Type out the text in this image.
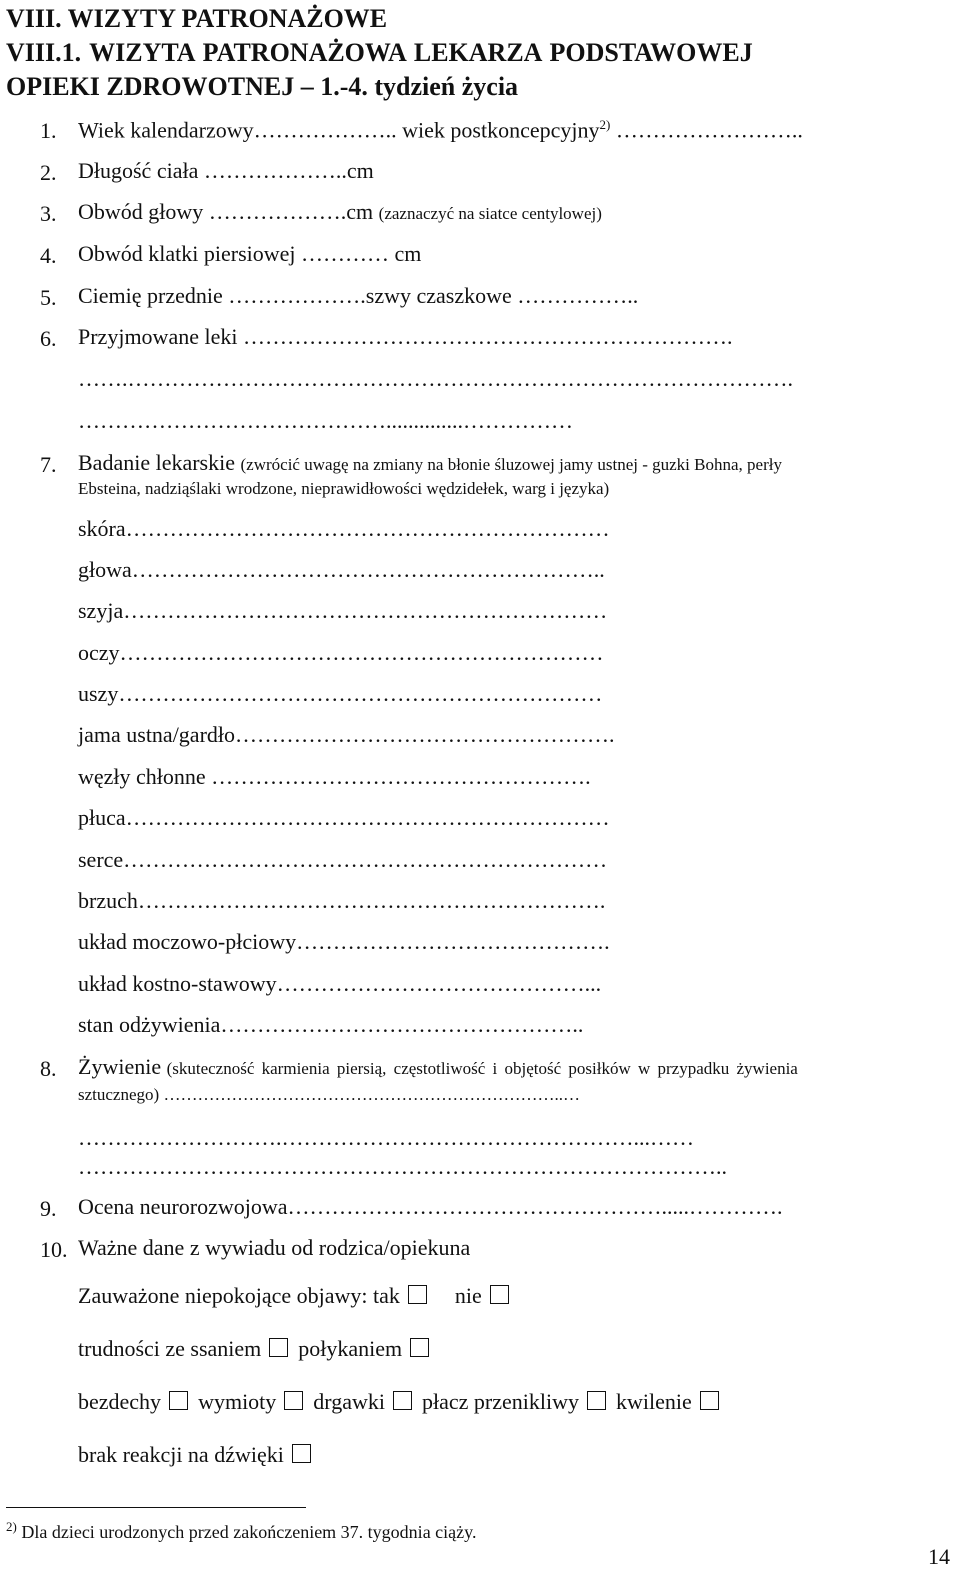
VIII. WIZYTY PATRONAŻOWE
VIII.1. WIZYTA PATRONAŻOWA LEKARZA PODSTAWOWEJ
OPIEKI ZDROWOTNEJ – 1.-4. tydzień życia
1. Wiek kalendarzowy……………….. wiek postkoncepcyjny$^{2)}$ ……………………..
2. Długość ciała ………………..cm
3. Obwód głowy ……………….cm (zaznaczyć na siatce centylowej)
4. Obwód klatki piersiowej ………… cm
5. Ciemię przednie ……………….szwy czaszkowe ……………..
6. Przyjmowane leki ………………………………………………………….
…….……………………………………………………………………………….
……………………………………..............……………
7. Badanie lekarskie (zwrócić uwagę na zmiany na błonie śluzowej jamy ustnej - guzki Bohna, perły
Ebsteina, nadziąślaki wrodzone, nieprawidłowości wędzidełek, warg i języka)
skóra…………………………………………………………
głowa………………………………………………………..
szyja…………………………………………………………
oczy…………………………………………………………
uszy…………………………………………………………
jama ustna/gardło…………………………………………….
węzły chłonne …………………………………………….
płuca…………………………………………………………
serce…………………………………………………………
brzuch……………………………………………………….
układ moczowo-płciowy…………………………………….
układ kostno-stawowy……………………………………...
stan odżywienia…………………………………………..
8. Żywienie (skuteczność karmienia piersią, częstotliwość i objętość posiłków w przypadku żywienia
sztucznego) ……………………………………………………………..…
……………………….…………………………………………...……
……………………………………………………………………………..
9. Ocena neurorozwojowa…………………………………………….....………….
10. Ważne dane z wywiadu od rodzica/opiekuna
Zauważone niepokojące objawy: tak	nie
trudności ze ssaniem połykaniem
bezdechy wymioty drgawki płacz przenikliwy kwilenie
brak reakcji na dźwięki
$^{2)}$ Dla dzieci urodzonych przed zakończeniem 37. tygodnia ciąży.
14
